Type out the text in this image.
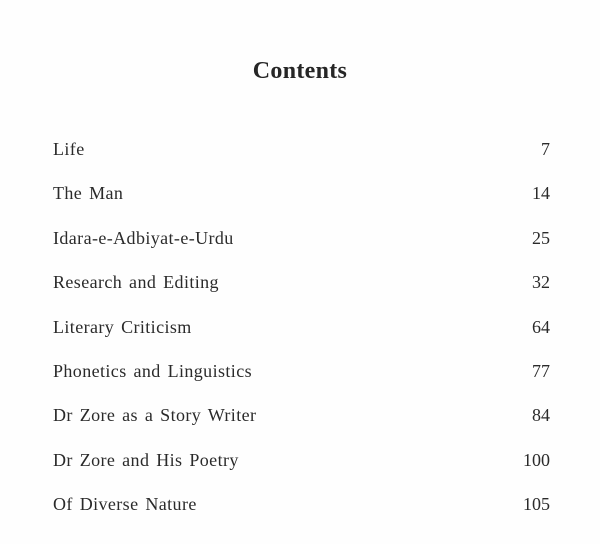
Contents
Life	7
The Man	14
Idara-e-Adbiyat-e-Urdu	25
Research and Editing	32
Literary Criticism	64
Phonetics and Linguistics	77
Dr Zore as a Story Writer	84
Dr Zore and His Poetry	100
Of Diverse Nature	105
